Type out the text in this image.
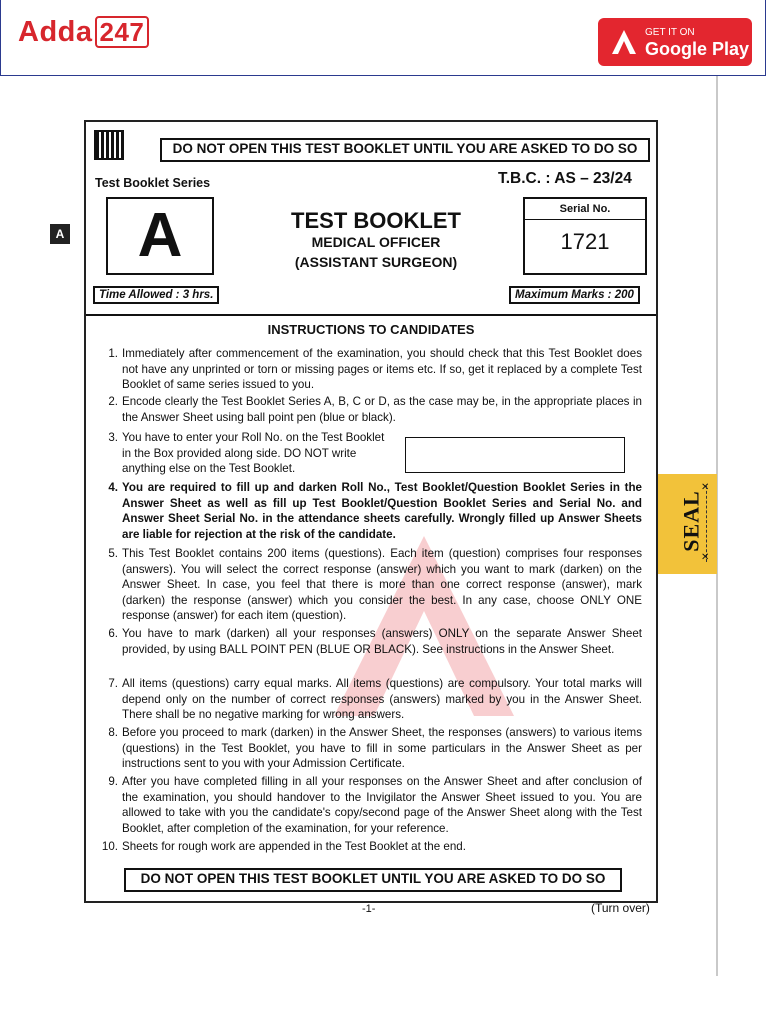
Adda 247	GET IT ON
Google Play
A
SEAL
✕
✕
DO NOT OPEN THIS TEST BOOKLET UNTIL YOU ARE ASKED TO DO SO
Test Booklet Series	T.B.C. : AS – 23/24
A	TEST BOOKLET
MEDICAL OFFICER
(ASSISTANT SURGEON)
Serial No.
1721
Time Allowed : 3 hrs.	Maximum Marks : 200
INSTRUCTIONS TO CANDIDATES
1. Immediately after commencement of the examination, you should check that this Test Booklet does not have any unprinted or torn or missing pages or items etc. If so, get it replaced by a complete Test Booklet of same series issued to you.
2. Encode clearly the Test Booklet Series A, B, C or D, as the case may be, in the appropriate places in the Answer Sheet using ball point pen (blue or black).
3. You have to enter your Roll No. on the Test Booklet in the Box provided along side. DO NOT write anything else on the Test Booklet.
4. You are required to fill up and darken Roll No., Test Booklet/Question Booklet Series in the Answer Sheet as well as fill up Test Booklet/Question Booklet Series and Serial No. and Answer Sheet Serial No. in the attendance sheets carefully. Wrongly filled up Answer Sheets are liable for rejection at the risk of the candidate.
5. This Test Booklet contains 200 items (questions). Each item (question) comprises four responses (answers). You will select the correct response (answer) which you want to mark (darken) on the Answer Sheet. In case, you feel that there is more than one correct response (answer), mark (darken) the response (answer) which you consider the best. In any case, choose ONLY ONE response (answer) for each item (question).
6. You have to mark (darken) all your responses (answers) ONLY on the separate Answer Sheet provided, by using BALL POINT PEN (BLUE OR BLACK). See instructions in the Answer Sheet.
7. All items (questions) carry equal marks. All items (questions) are compulsory. Your total marks will depend only on the number of correct responses (answers) marked by you in the Answer Sheet. There shall be no negative marking for wrong answers.
8. Before you proceed to mark (darken) in the Answer Sheet, the responses (answers) to various items (questions) in the Test Booklet, you have to fill in some particulars in the Answer Sheet as per instructions sent to you with your Admission Certificate.
9. After you have completed filling in all your responses on the Answer Sheet and after conclusion of the examination, you should handover to the Invigilator the Answer Sheet issued to you. You are allowed to take with you the candidate's copy/second page of the Answer Sheet along with the Test Booklet, after completion of the examination, for your reference.
10. Sheets for rough work are appended in the Test Booklet at the end.
DO NOT OPEN THIS TEST BOOKLET UNTIL YOU ARE ASKED TO DO SO
-1-	(Turn over)
